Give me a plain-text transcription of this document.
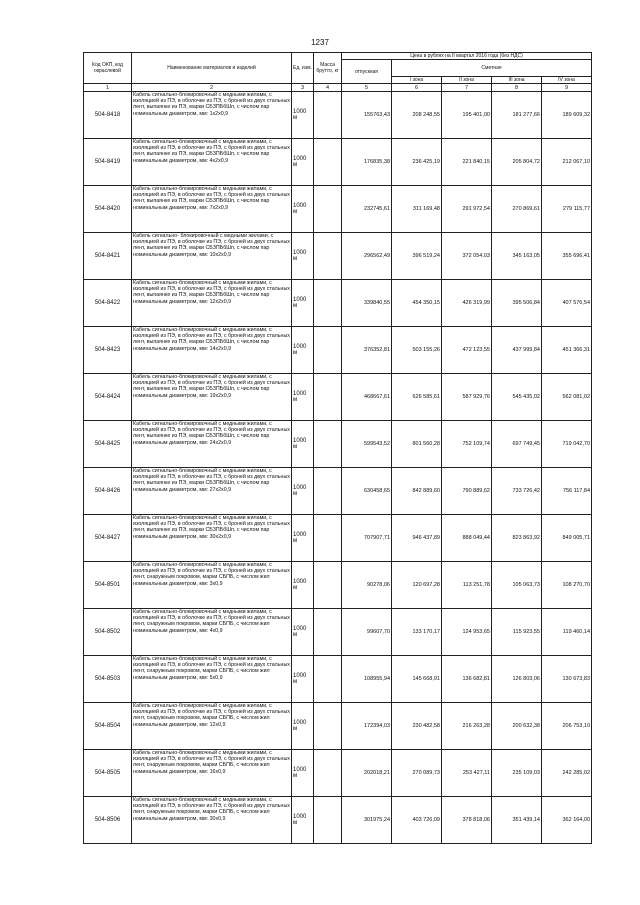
1237
Код ОКП, код окраслевой	Наименование материалов и изделий	Ед. изм.	Масса брутто, кг	Цена в рублях на II квартал 2016 года (без НДС)				
				отпускная	Сметная			
					I зона	II зона	III зона	IV зона
1	2	3	4	5	6	7	8	9
504-8418	Кабель сигнально-блокировочный с медными жилами, с изоляцией из ПЭ, в оболочке из ПЭ, с броней из двух стальных лент, выпаянке из ПЭ, марки СБЗПБбШп, с числом пар номинальным диаметром, мм: 1х2х0,9	1000 м		155763,43	208 248,55	195 401,00	181 277,66	189 609,32
504-8419	Кабель сигнально-блокировочный с медными жилами, с изоляцией из ПЭ, в оболочке из ПЭ, с броней из двух стальных лент, выпаянке из ПЭ, марки СБЗПБбШп, с числом пар номинальным диаметром, мм: 4х2х0,9	1000 м		176835,38	236 425,19	221 840,15	205 804,72	212 067,10
504-8420	Кабель сигнально-блокировочный с медными жилами, с изоляцией из ПЭ, в оболочке из ПЭ, с броней из двух стальных лент, выпаянке из ПЭ, марки СБЗПБбШп, с числом пар номинальным диаметром, мм: 7х2х0,9	1000 м		232745,61	311 169,48	291 972,54	270 869,61	279 115,77
504-8421	Кабель сигнально- блокировочный с медными жилами, с изоляцией из ПЭ, в оболочке из ПЭ, с броней из двух стальных лент, выпаянке из ПЭ, марки СБЗПБбШп, с числом пар номинальным диаметром, мм: 10х2х0,9	1000 м		296562,49	396 519,24	372 054,03	345 163,05	355 696,41
504-8422	Кабель сигнально-блокировочный с медными жилами, с изоляцией из ПЭ, в оболочке из ПЭ, с броней из двух стальных лент, выпаянке из ПЭ, марки СБЗПБбШп, с числом пар номинальным диаметром, мм: 12х2х0,9	1000 м		339840,55	454 350,15	426 319,99	395 506,84	407 576,54
504-8423	Кабель сигнально-блокировочный с медными жилами, с изоляцией из ПЭ, в оболочке из ПЭ, с броней из двух стальных лент, выпаянке из ПЭ, марки СБЗПБбШп, с числом пар номинальным диаметром, мм: 14х2х0,9	1000 м		376352,81	503 155,26	472 123,55	437 999,84	451 366,31
504-8424	Кабель сигнально-блокировочный с медными жилами, с изоляцией из ПЭ, в оболочке из ПЭ, с броней из двух стальных лент, выпаянке из ПЭ, марки СБЗПБбШп, с числом пар номинальным диаметром, мм: 19х2х0,9	1000 м		468667,61	626 585,61	587 929,76	545 435,02	562 081,02
504-8425	Кабель сигнально-блокировочный с медными жилами, с изоляцией из ПЭ, в оболочке из ПЭ, с броней из двух стальных лент, выпаянке из ПЭ, марки СБЗПБбШп, с числом пар номинальным диаметром, мм: 24х2х0,9	1000 м		599543,52	801 560,28	752 109,74	697 749,45	719 042,70
504-8426	Кабель сигнально-блокировочный с медными жилами, с изоляцией из ПЭ, в оболочке из ПЭ, с броней из двух стальных лент, выпаянке из ПЭ, марки СБЗПБбШп, с числом пар номинальным диаметром, мм: 27х2х0,9	1000 м		630458,65	842 889,60	790 889,62	733 726,42	756 117,84
504-8427	Кабель сигнально-блокировочный с медными жилами, с изоляцией из ПЭ, в оболочке из ПЭ, с броней из двух стальных лент, выпаянке из ПЭ, марки СБЗПБбШп, с числом пар номинальным диаметром, мм: 30х2х0,9	1000 м		707907,71	946 437,89	888 049,44	823 863,92	849 005,71
504-8501	Кабель сигнально-блокировочный с медными жилами, с изоляцией из ПЭ, в оболочке из ПЭ, с броней из двух стальных лент, снаружным покровом, марки СБПБ, с числом жил номинальным диаметром, мм: 3х0,9	1000 м		90278,06	120 697,28	113 251,78	105 063,73	108 270,70
504-8502	Кабель сигнально-блокировочный с медными жилами, с изоляцией из ПЭ, в оболочке из ПЭ, с броней из двух стальных лент, снаружным покровом, марки СБПБ, с числом жил номинальным диаметром, мм: 4х0,9	1000 м		99607,70	133 170,17	124 953,65	115 923,55	119 460,14
504-8503	Кабель сигнально-блокировочный с медными жилами, с изоляцией из ПЭ, в оболочке из ПЭ, с броней из двух стальных лент, снаружным покровом, марки СБПБ, с числом жил номинальным диаметром, мм: 5х0,9	1000 м		108955,94	145 668,91	136 682,81	126 803,06	130 673,83
504-8504	Кабель сигнально-блокировочный с медными жилами, с изоляцией из ПЭ, в оболочке из ПЭ, с броней из двух стальных лент, снаружным покровом, марки СБПБ, с числом жил номинальным диаметром, мм: 12х0,9	1000 м		172394,03	230 482,58	216 263,28	200 632,38	206 753,10
504-8505	Кабель сигнально-блокировочный с медными жилами, с изоляцией из ПЭ, в оболочке из ПЭ, с броней из двух стальных лент, снаружным покровом, марки СБПБ, с числом жил номинальным диаметром, мм: 16х0,9	1000 м		202018,21	270 089,73	253 427,11	235 109,03	242 285,02
504-8506	Кабель сигнально-блокировочный с медными жилами, с изоляцией из ПЭ, в оболочке из ПЭ, с броней из двух стальных лент, снаружным покровом, марки СБПБ, с числом жил номинальным диаметром, мм: 30х0,9	1000 м		301975,24	403 726,09	378 818,06	351 439,14	362 164,00
